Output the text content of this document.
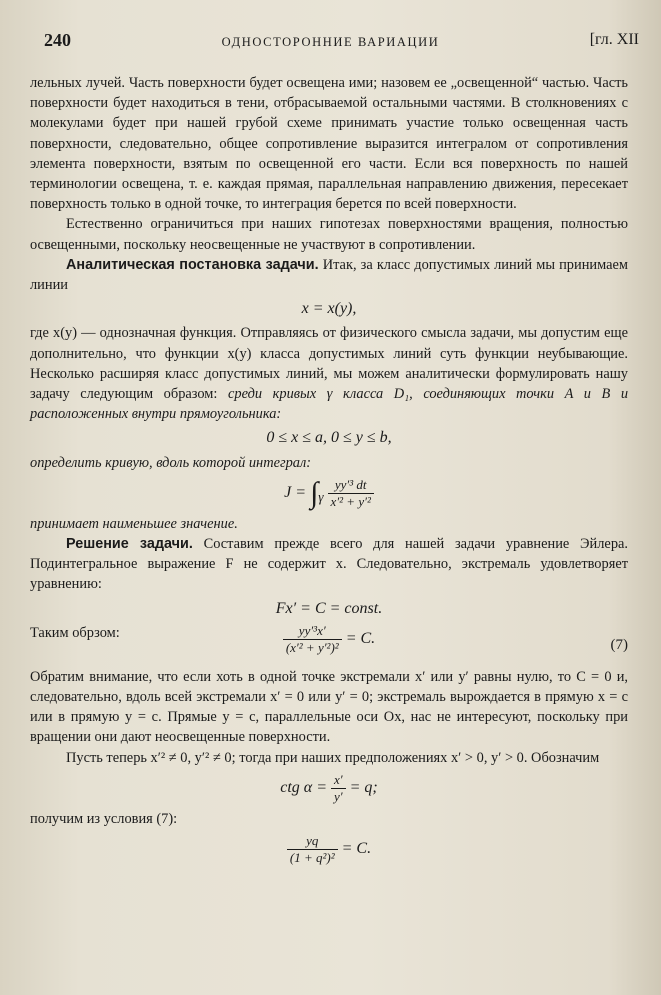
240	ОДНОСТОРОННИЕ ВАРИАЦИИ	[гл. XII

лельных лучей. Часть поверхности будет освещена ими; назовем ее „освещенной“ частью. Часть поверхности будет находиться в тени, отбрасываемой остальными частями. В столкновениях с молекулами будет при нашей грубой схеме принимать участие только освещенная часть поверхности, следовательно, общее сопротивление выразится интегралом от сопротивления элемента поверхности, взятым по освещенной его части. Если вся поверхность по нашей терминологии освещена, т. е. каждая прямая, параллельная направлению движения, пересекает поверхность только в одной точке, то интеграция берется по всей поверхности.

Естественно ограничиться при наших гипотезах поверхностями вращения, полностью освещенными, поскольку неосвещенные не участвуют в сопротивлении.

Аналитическая постановка задачи. Итак, за класс допустимых линий мы принимаем линии

x = x(y),

где x(y) — однозначная функция. Отправляясь от физического смысла задачи, мы допустим еще дополнительно, что функции x(y) класса допустимых линий суть функции неубывающие. Несколько расширяя класс допустимых линий, мы можем аналитически формулировать нашу задачу следующим образом: среди кривых γ класса D₁, соединяющих точки A и B и расположенных внутри прямоугольника:

0 ≤ x ≤ a, 0 ≤ y ≤ b,

определить кривую, вдоль которой интеграл:

$J = \int_\gamma \frac{\text{yy′³ dt}}{\text{x′² + y′²}}$

принимает наименьшее значение.

Решение задачи. Составим прежде всего для нашей задачи уравнение Эйлера. Подинтегральное выражение F не содержит x. Следовательно, экстремаль удовлетворяет уравнению:

Fx′ = C = const.
Таким обрзом:	$\frac{\text{yy′³x′}}{\text{(x′² + y′²)²}} = C$.	(7)

Обратим внимание, что если хоть в одной точке экстремали x′ или y′ равны нулю, то C = 0 и, следовательно, вдоль всей экстремали x′ = 0 или y′ = 0; экстремаль вырождается в прямую x = c или в прямую y = c. Прямые y = c, параллельные оси Ox, нас не интересуют, поскольку при вращении они дают неосвещенные поверхности.

Пусть теперь x′² ≠ 0, y′² ≠ 0; тогда при наших предположениях x′ > 0, y′ > 0. Обозначим

ctg $\alpha = \frac{x'}{y'} = q$;

получим из условия (7):

$\frac{yq}{\text{(1 + q²)²}} = C$.
